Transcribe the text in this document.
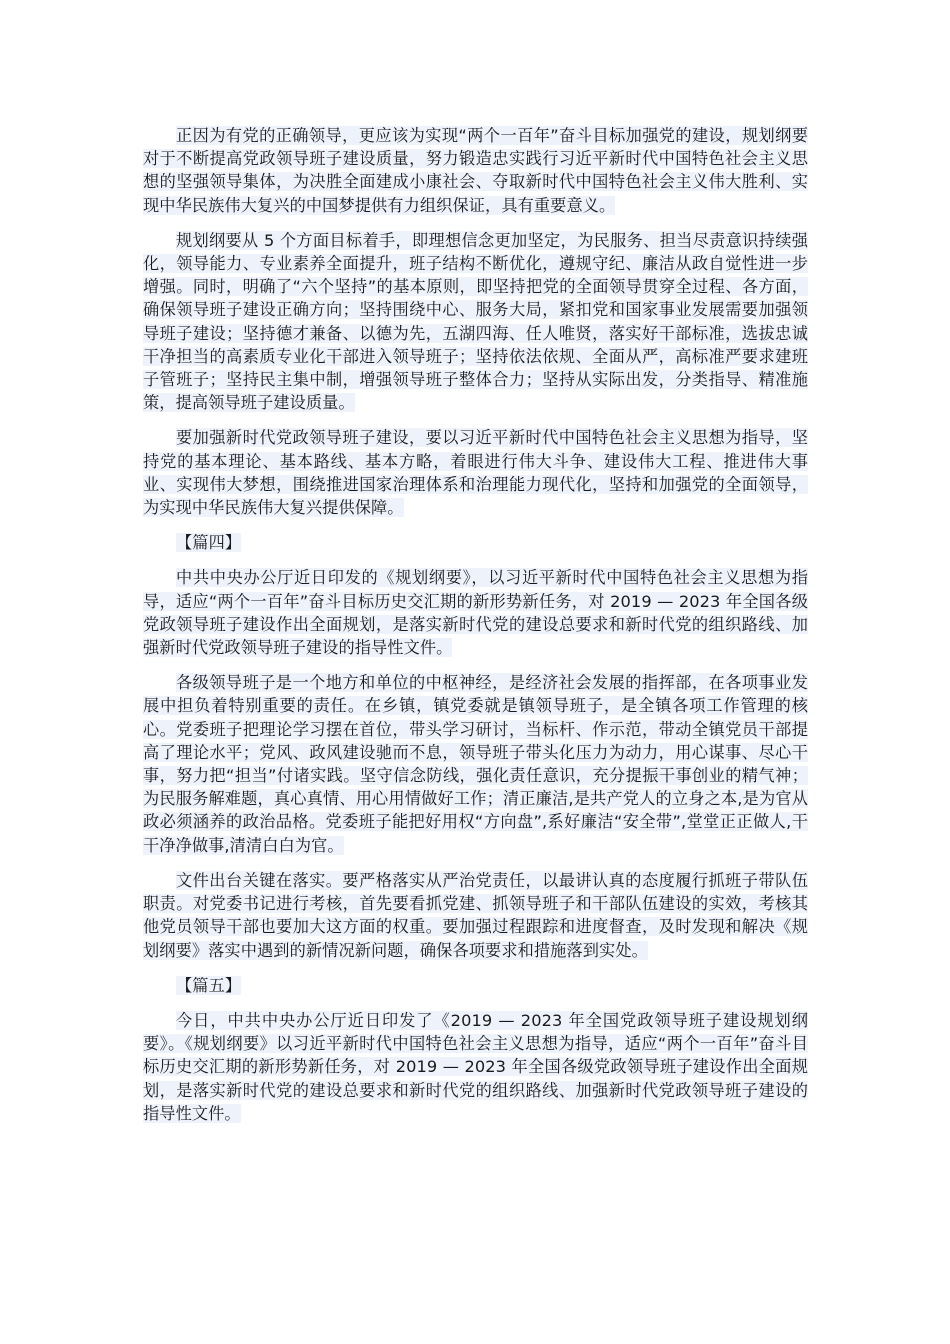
正因为有党的正确领导，更应该为实现“两个一百年”奋斗目标加强党的建设，规划纲要对于不断提高党政领导班子建设质量，努力锻造忠实践行习近平新时代中国特色社会主义思想的坚强领导集体，为决胜全面建成小康社会、夺取新时代中国特色社会主义伟大胜利、实现中华民族伟大复兴的中国梦提供有力组织保证，具有重要意义。

规划纲要从 5 个方面目标着手，即理想信念更加坚定，为民服务、担当尽责意识持续强化，领导能力、专业素养全面提升，班子结构不断优化，遵规守纪、廉洁从政自觉性进一步增强。同时，明确了“六个坚持”的基本原则，即坚持把党的全面领导贯穿全过程、各方面，确保领导班子建设正确方向；坚持围绕中心、服务大局，紧扣党和国家事业发展需要加强领导班子建设；坚持德才兼备、以德为先，五湖四海、任人唯贤，落实好干部标准，选拔忠诚干净担当的高素质专业化干部进入领导班子；坚持依法依规、全面从严，高标准严要求建班子管班子；坚持民主集中制，增强领导班子整体合力；坚持从实际出发，分类指导、精准施策，提高领导班子建设质量。

要加强新时代党政领导班子建设，要以习近平新时代中国特色社会主义思想为指导，坚持党的基本理论、基本路线、基本方略，着眼进行伟大斗争、建设伟大工程、推进伟大事业、实现伟大梦想，围绕推进国家治理体系和治理能力现代化，坚持和加强党的全面领导，为实现中华民族伟大复兴提供保障。

【篇四】

中共中央办公厅近日印发的《规划纲要》，以习近平新时代中国特色社会主义思想为指导，适应“两个一百年”奋斗目标历史交汇期的新形势新任务，对 2019 — 2023 年全国各级党政领导班子建设作出全面规划，是落实新时代党的建设总要求和新时代党的组织路线、加强新时代党政领导班子建设的指导性文件。

各级领导班子是一个地方和单位的中枢神经，是经济社会发展的指挥部，在各项事业发展中担负着特别重要的责任。在乡镇，镇党委就是镇领导班子，是全镇各项工作管理的核心。党委班子把理论学习摆在首位，带头学习研讨，当标杆、作示范，带动全镇党员干部提高了理论水平；党风、政风建设驰而不息，领导班子带头化压力为动力，用心谋事、尽心干事，努力把“担当”付诸实践。坚守信念防线，强化责任意识，充分提振干事创业的精气神；为民服务解难题，真心真情、用心用情做好工作；清正廉洁,是共产党人的立身之本,是为官从政必须涵养的政治品格。党委班子能把好用权“方向盘”,系好廉洁“安全带”,堂堂正正做人,干干净净做事,清清白白为官。

文件出台关键在落实。要严格落实从严治党责任，以最讲认真的态度履行抓班子带队伍职责。对党委书记进行考核，首先要看抓党建、抓领导班子和干部队伍建设的实效，考核其他党员领导干部也要加大这方面的权重。要加强过程跟踪和进度督查，及时发现和解决《规划纲要》落实中遇到的新情况新问题，确保各项要求和措施落到实处。

【篇五】

今日，中共中央办公厅近日印发了《2019 — 2023 年全国党政领导班子建设规划纲要》。《规划纲要》以习近平新时代中国特色社会主义思想为指导，适应“两个一百年”奋斗目标历史交汇期的新形势新任务，对 2019 — 2023 年全国各级党政领导班子建设作出全面规划，是落实新时代党的建设总要求和新时代党的组织路线、加强新时代党政领导班子建设的指导性文件。
